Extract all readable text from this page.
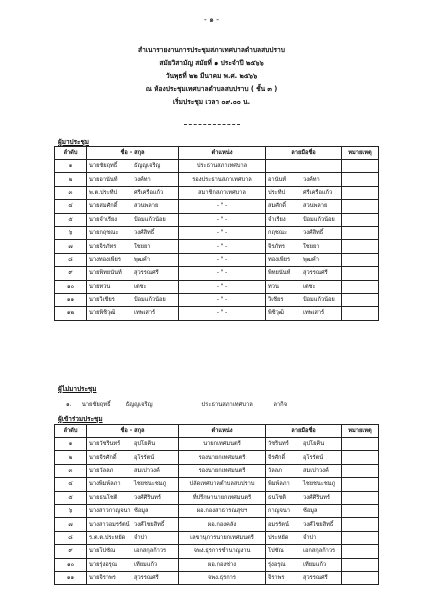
- ๑ -
สำเนารายงานการประชุมสภาเทศบาลตำบลสบปราบ
สมัยวิสามัญ สมัยที่ ๑ ประจำปี ๒๕๖๖
วันพุธที่ ๒๒ มีนาคม พ.ศ. ๒๕๖๖
ณ ห้องประชุมเทศบาลตำบลสบปราบ ( ชั้น ๓ )
เริ่มประชุม เวลา ๐๙.๐๐ น.
ผู้มาประชุม
ลำดับ	ชื่อ - สกุล	ตำแหน่ง	ลายมือชื่อ	หมายเหตุ
๑	นายชัยฤทธิ์ ธัญญเจริญ	ประธานสภาเทศบาล		
๒	นายอานันท์ วงค์ทา	รองประธานสภาเทศบาล	อานันท์ วงค์ทา	
๓	พ.ต.ประทีป ศรีเครือแก้ว	สมาชิกสภาเทศบาล	ประทีป ศรีเครือแก้ว	
๔	นายสมศักดิ์ สวนพลาย	- " -	สมศักดิ์ สวนพลาย	
๕	นายจำเรียง ป้อมแก้วน้อย	- " -	จำเรียง ป้อมแก้วน้อย	
๖	นายกฤชณะ วงศ์สิทธิ์	- " -	กฤชณะ วงศ์สิทธิ์	
๗	นายจิรภัทร ใชยยา	- " -	จิรภัทร ใชยยา	
๘	นางทองเพียร พุฒคำ	- " -	ทองเพียร พุฒคำ	
๙	นายพิทยนันท์ สุวรรณศรี	- " -	พิทยนันท์ สุวรรณศรี	
๑๐	นายทวน เตชะ	- " -	ทวน เตชะ	
๑๑	นายวิเชียร ป้อมแก้วน้อย	- " -	วิเชียร ป้อมแก้วน้อย	
๑๒	นายพิชิวุฒิ เทพเสาร์	- " -	พิชิวุฒิ เทพเสาร์	
ผู้ไม่มาประชุม
๑. นายชัยฤทธิ์	ธัญญเจริญ	ประธานสภาเทศบาล	ลากิจ
ผู้เข้าร่วมประชุม
ลำดับ	ชื่อ - สกุล	ตำแหน่ง	ลายมือชื่อ	หมายเหตุ
๑	นายวัชรินทร์ อุปโยคิน	นายกเทศมนตรี	วัชรินทร์ อุปโยคิน	
๒	นายจีรศักดิ์ อุโรรัตน์	รองนายกเทศมนตรี	จีรศักดิ์ อุโรรัตน์	
๓	นายวัลลภ สมเปาวงค์	รองนายกเทศมนตรี	วัลลภ สมเปาวงค์	
๔	นางพิมพ์ลภา ไชยชนะชมภู	ปลัดเทศบาลตำบลสบปราบ	พิมพ์ลภา ไชยชนะชมภู	
๕	นายธนโชติ วงศ์ศิรินทร์	ที่ปรึกษานายกเทศมนตรี	ธนโชติ วงศ์ศิรินทร์	
๖	นางสาวกาญจนา ซ้อมูล	ผอ.กองสาธารณสุขฯ	กาญจนา ซ้อมูล	
๗	นางสาวอมรรัตน์ วงศ์ไชยสิทธิ์	ผอ.กองคลัง	อมรรัตน์ วงศ์ไชยสิทธิ์	
๘	ร.ต.ต.ประหยัด จำปา	เลขานุการนายกเทศมนตรี	ประหยัด จำปา	
๙	นายโปซัณ เอกสกุลก้าวร	จพง.ธุรการชำนาญงาน	โปซัณ เอกสกุลก้าวร	
๑๐	นายรุ่งอรุณ เทียมแก้ว	ผอ.กองช่าง	รุ่งอรุณ เทียมแก้ว	
๑๑	นายจิราพร สุวรรณศรี	จพง.ธุรการ	จิราพร สุวรรณศรี	
